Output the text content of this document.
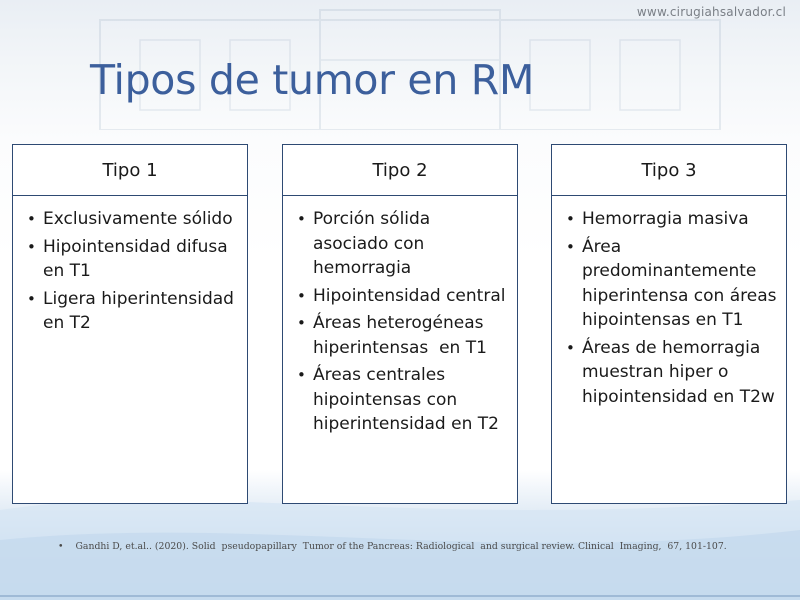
www.cirugiahsalvador.cl
Tipos de tumor en RM
Tipo 1
• Exclusivamente sólido
• Hipointensidad difusa en T1
• Ligera hiperintensidad en T2
Tipo 2
• Porción sólida asociado con hemorragia
• Hipointensidad central
• Áreas heterogéneas hiperintensas  en T1
• Áreas centrales hipointensas con hiperintensidad en T2
Tipo 3
• Hemorragia masiva
• Área predominantemente hiperintensa con áreas hipointensas en T1
• Áreas de hemorragia muestran hiper o hipointensidad en T2w
• Gandhi D, et.al.. (2020). Solid  pseudopapillary  Tumor of the Pancreas: Radiological  and surgical review. Clinical  Imaging,  67, 101-107.
